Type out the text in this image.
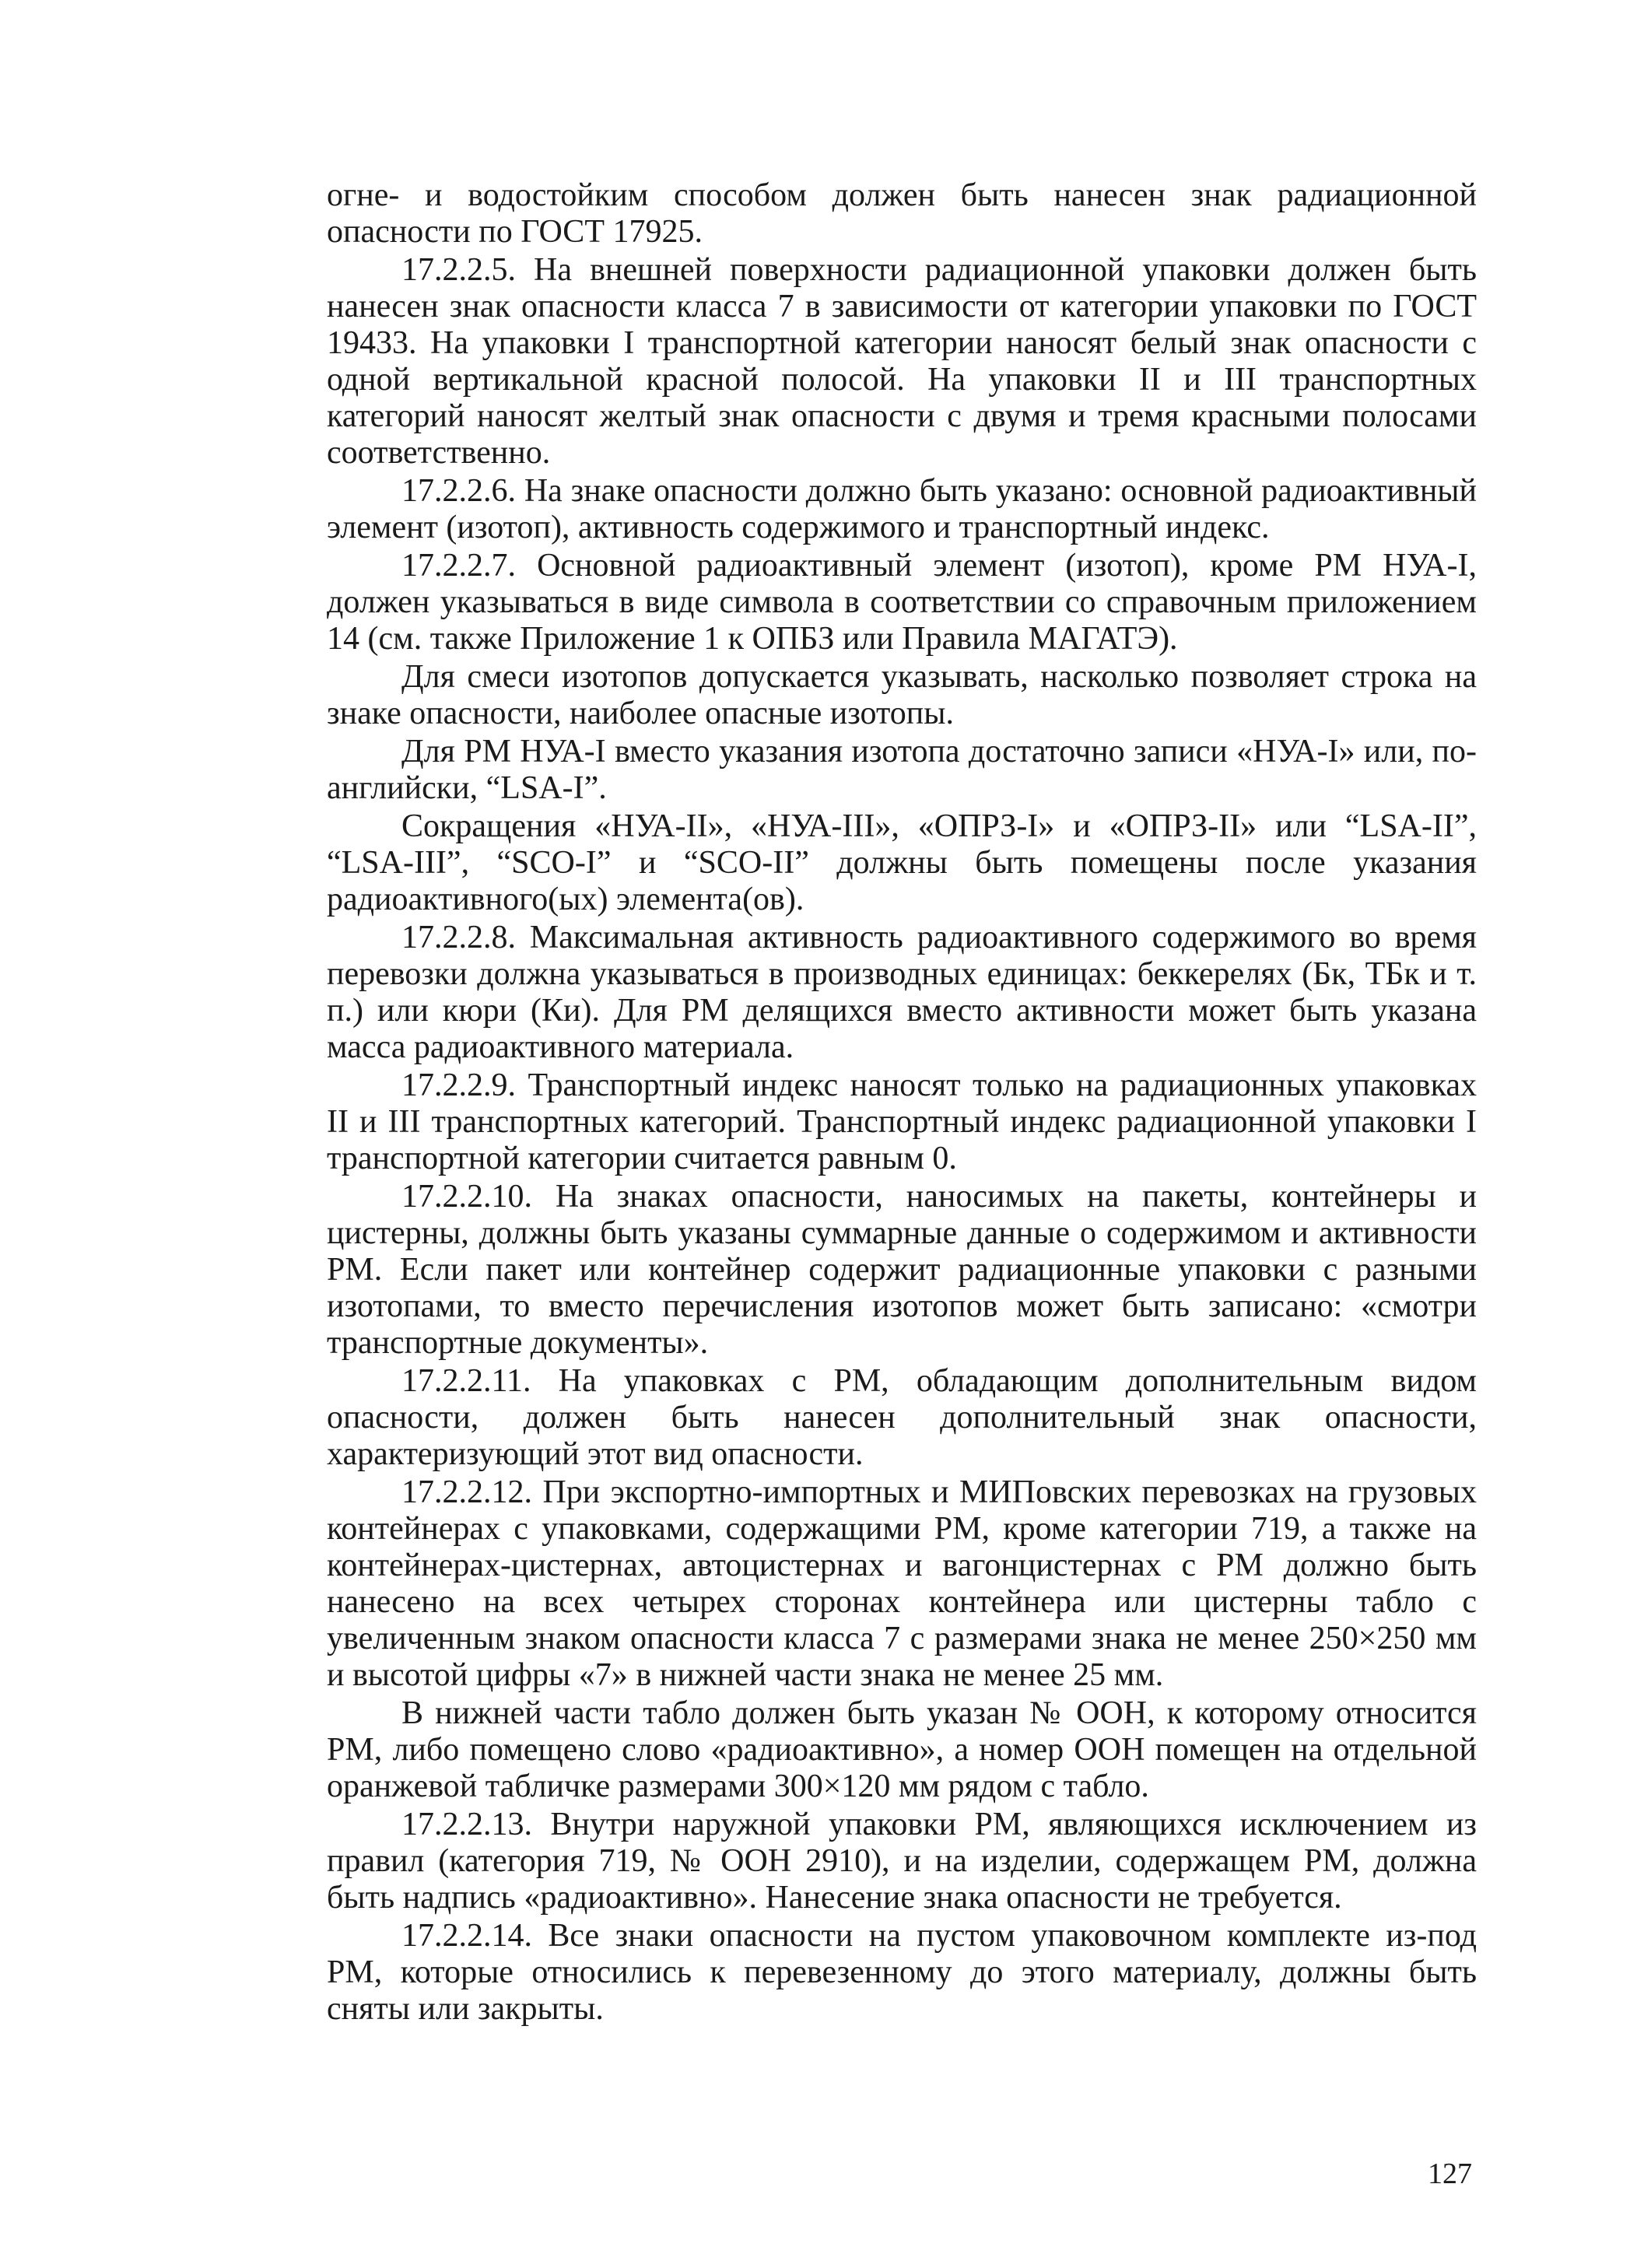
огне- и водостойким способом должен быть нанесен знак радиационной опасности по ГОСТ 17925.

17.2.2.5. На внешней поверхности радиационной упаковки должен быть нанесен знак опасности класса 7 в зависимости от категории упаковки по ГОСТ 19433. На упаковки I транспортной категории наносят белый знак опасности с одной вертикальной красной полосой. На упаковки II и III транспортных категорий наносят желтый знак опасности с двумя и тремя красными полосами соответственно.

17.2.2.6. На знаке опасности должно быть указано: основной радиоактивный элемент (изотоп), активность содержимого и транспортный индекс.

17.2.2.7. Основной радиоактивный элемент (изотоп), кроме РМ НУА-I, должен указываться в виде символа в соответствии со справочным приложением 14 (см. также Приложение 1 к ОПБЗ или Правила МАГАТЭ).

Для смеси изотопов допускается указывать, насколько позволяет строка на знаке опасности, наиболее опасные изотопы.

Для РМ НУА-I вместо указания изотопа достаточно записи «НУА-I» или, по-английски, “LSA-I”.

Сокращения «НУА-II», «НУА-III», «ОПРЗ-I» и «ОПРЗ-II» или “LSA-II”, “LSA-III”, “SCO-I” и “SCO-II” должны быть помещены после указания радиоактивного(ых) элемента(ов).

17.2.2.8. Максимальная активность радиоактивного содержимого во время перевозки должна указываться в производных единицах: беккерелях (Бк, ТБк и т. п.) или кюри (Ки). Для РМ делящихся вместо активности может быть указана масса радиоактивного материала.

17.2.2.9. Транспортный индекс наносят только на радиационных упаковках II и III транспортных категорий. Транспортный индекс радиационной упаковки I транспортной категории считается равным 0.

17.2.2.10. На знаках опасности, наносимых на пакеты, контейнеры и цистерны, должны быть указаны суммарные данные о содержимом и активности РМ. Если пакет или контейнер содержит радиационные упаковки с разными изотопами, то вместо перечисления изотопов может быть записано: «смотри транспортные документы».

17.2.2.11. На упаковках с РМ, обладающим дополнительным видом опасности, должен быть нанесен дополнительный знак опасности, характеризующий этот вид опасности.

17.2.2.12. При экспортно-импортных и МИПовских перевозках на грузовых контейнерах с упаковками, содержащими РМ, кроме категории 719, а также на контейнерах-цистернах, автоцистернах и вагонцистернах с РМ должно быть нанесено на всех четырех сторонах контейнера или цистерны табло с увеличенным знаком опасности класса 7 с размерами знака не менее 250×250 мм и высотой цифры «7» в нижней части знака не менее 25 мм.

В нижней части табло должен быть указан № ООН, к которому относится РМ, либо помещено слово «радиоактивно», а номер ООН помещен на отдельной оранжевой табличке размерами 300×120 мм рядом с табло.

17.2.2.13. Внутри наружной упаковки РМ, являющихся исключением из правил (категория 719, № ООН 2910), и на изделии, содержащем РМ, должна быть надпись «радиоактивно». Нанесение знака опасности не требуется.

17.2.2.14. Все знаки опасности на пустом упаковочном комплекте из-под РМ, которые относились к перевезенному до этого материалу, должны быть сняты или закрыты.

127
